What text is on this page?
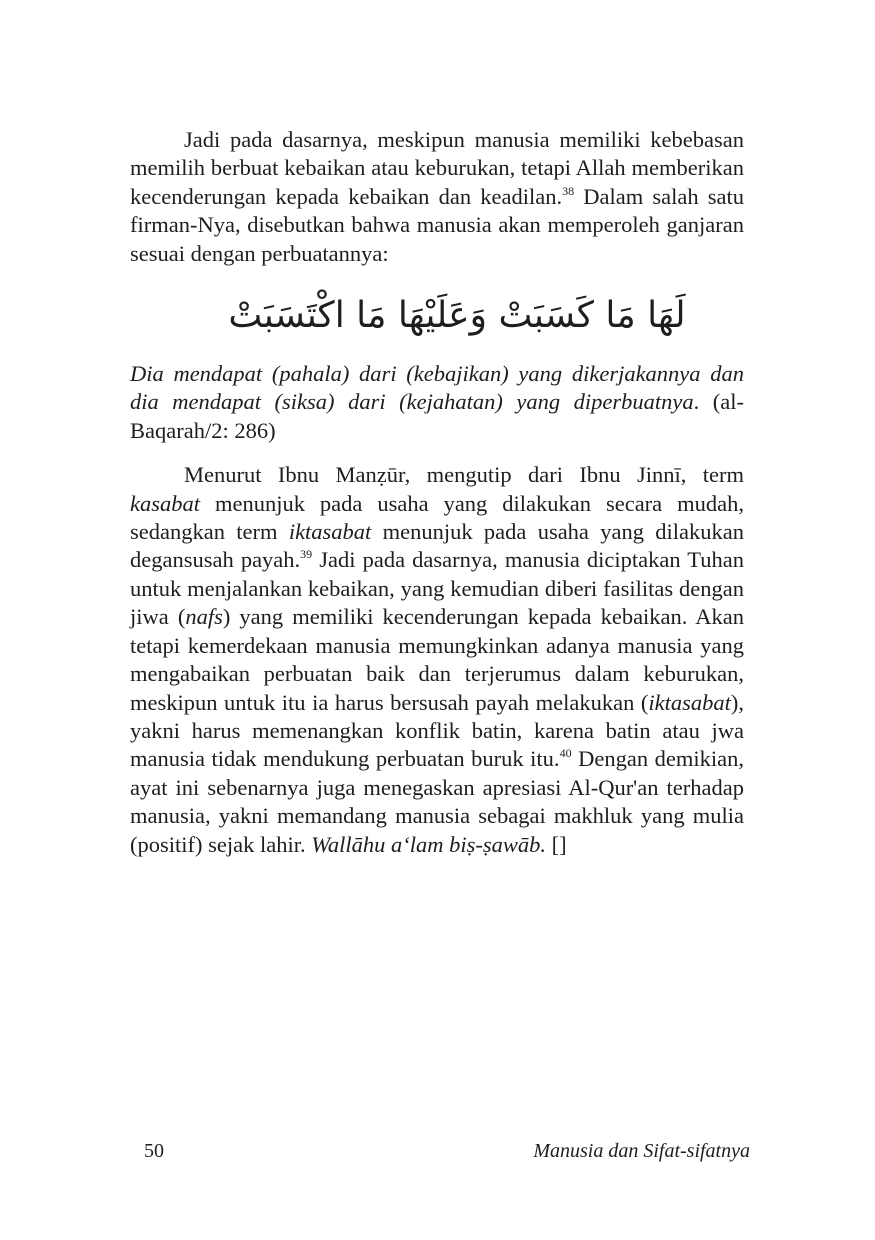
Jadi pada dasarnya, meskipun manusia memiliki kebebasan memilih berbuat kebaikan atau keburukan, tetapi Allah memberikan kecenderungan kepada kebaikan dan keadilan.$^{38}$ Dalam salah satu firman-Nya, disebutkan bahwa manusia akan memperoleh ganjaran sesuai dengan perbuatannya:

لَهَا مَا كَسَبَتْ وَعَلَيْهَا مَا اكْتَسَبَتْ

Dia mendapat (pahala) dari (kebajikan) yang dikerjakannya dan dia mendapat (siksa) dari (kejahatan) yang diperbuatnya. (al-Baqarah/2: 286)

Menurut Ibnu Manẓūr, mengutip dari Ibnu Jinnī, term kasabat menunjuk pada usaha yang dilakukan secara mudah, sedangkan term iktasabat menunjuk pada usaha yang dilakukan degansusah payah.$^{39}$ Jadi pada dasarnya, manusia diciptakan Tuhan untuk menjalankan kebaikan, yang kemudian diberi fasilitas dengan jiwa (nafs) yang memiliki kecenderungan kepada kebaikan. Akan tetapi kemerdekaan manusia memungkinkan adanya manusia yang mengabaikan perbuatan baik dan terjerumus dalam keburukan, meskipun untuk itu ia harus bersusah payah melakukan (iktasabat), yakni harus memenangkan konflik batin, karena batin atau jwa manusia tidak mendukung perbuatan buruk itu.$^{40}$ Dengan demikian, ayat ini sebenarnya juga menegaskan apresiasi Al-Qur'an terhadap manusia, yakni memandang manusia sebagai makhluk yang mulia (positif) sejak lahir. Wallāhu a‘lam biṣ-ṣawāb. []

50	Manusia dan Sifat-sifatnya
